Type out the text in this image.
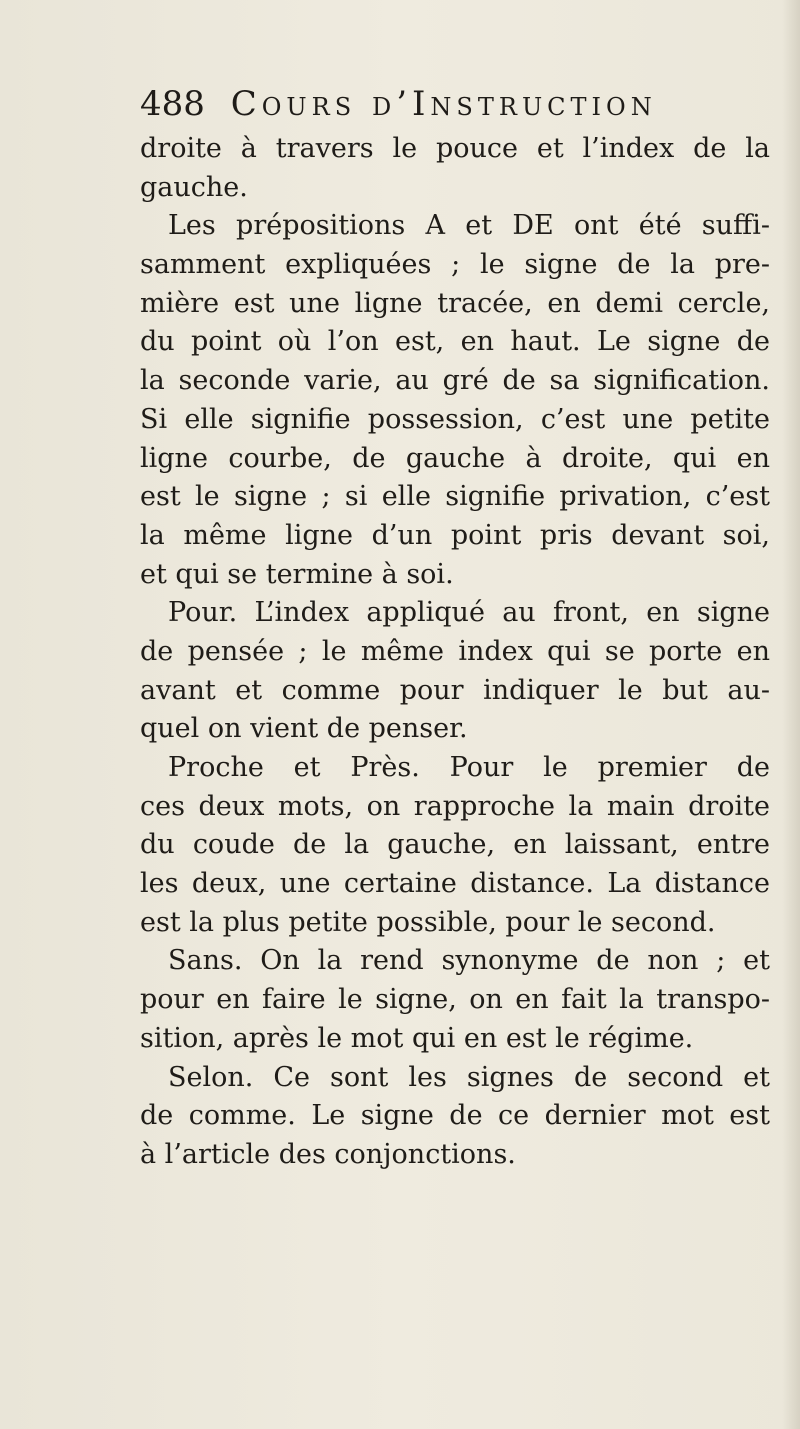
488 Cours d’Instruction
droite à travers le pouce et l’index de la
gauche.
Les prépositions A et DE ont été suffi-
samment expliquées ; le signe de la pre-
mière est une ligne tracée, en demi cercle,
du point où l’on est, en haut. Le signe de
la seconde varie, au gré de sa signification.
Si elle signifie possession, c’est une petite
ligne courbe, de gauche à droite, qui en
est le signe ; si elle signifie privation, c’est
la même ligne d’un point pris devant soi,
et qui se termine à soi.
Pour. L’index appliqué au front, en signe
de pensée ; le même index qui se porte en
avant et comme pour indiquer le but au-
quel on vient de penser.
Proche et Près. Pour le premier de
ces deux mots, on rapproche la main droite
du coude de la gauche, en laissant, entre
les deux, une certaine distance. La distance
est la plus petite possible, pour le second.
Sans. On la rend synonyme de non ; et
pour en faire le signe, on en fait la transpo-
sition, après le mot qui en est le régime.
Selon. Ce sont les signes de second et
de comme. Le signe de ce dernier mot est
à l’article des conjonctions.
